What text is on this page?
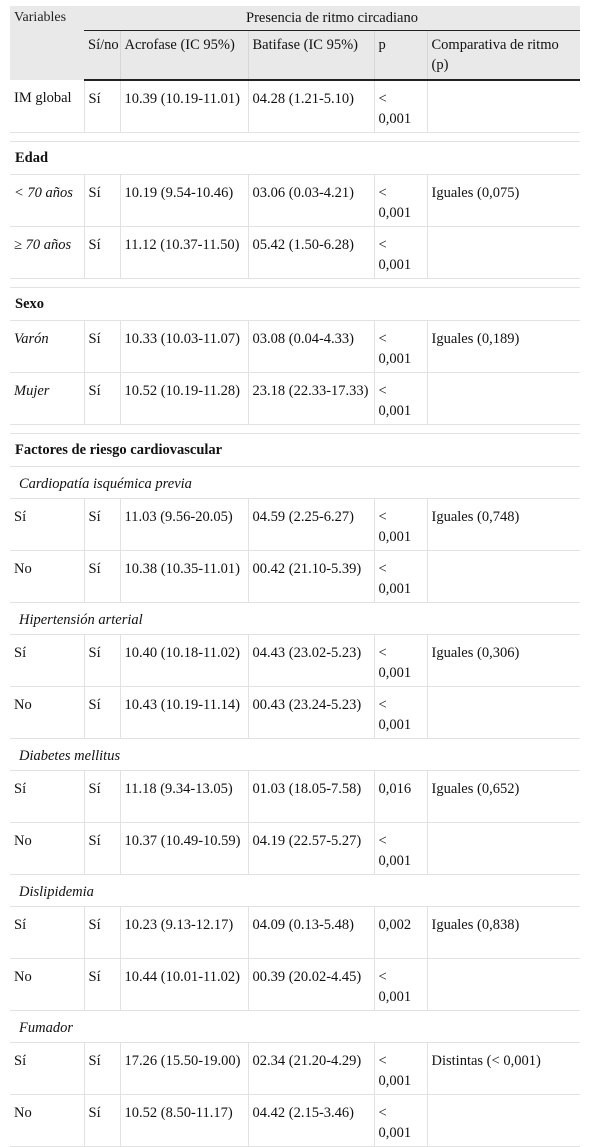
Variables	Presencia de ritmo circadiano				
	Sí/no	Acrofase (IC 95%)	Batifase (IC 95%)	p	Comparativa de ritmo (p)
IM global	Sí	10.39 (10.19-11.01)	04.28 (1.21-5.10)	< 0,001	

Edad					
< 70 años	Sí	10.19 (9.54-10.46)	03.06 (0.03-4.21)	< 0,001	Iguales (0,075)
≥ 70 años	Sí	11.12 (10.37-11.50)	05.42 (1.50-6.28)	< 0,001	

Sexo					
Varón	Sí	10.33 (10.03-11.07)	03.08 (0.04-4.33)	< 0,001	Iguales (0,189)
Mujer	Sí	10.52 (10.19-11.28)	23.18 (22.33-17.33)	< 0,001	

Factores de riesgo cardiovascular					
Cardiopatía isquémica previa					
Sí	Sí	11.03 (9.56-20.05)	04.59 (2.25-6.27)	< 0,001	Iguales (0,748)
No	Sí	10.38 (10.35-11.01)	00.42 (21.10-5.39)	< 0,001	
Hipertensión arterial					
Sí	Sí	10.40 (10.18-11.02)	04.43 (23.02-5.23)	< 0,001	Iguales (0,306)
No	Sí	10.43 (10.19-11.14)	00.43 (23.24-5.23)	< 0,001	
Diabetes mellitus					
Sí	Sí	11.18 (9.34-13.05)	01.03 (18.05-7.58)	0,016	Iguales (0,652)
No	Sí	10.37 (10.49-10.59)	04.19 (22.57-5.27)	< 0,001	
Dislipidemia					
Sí	Sí	10.23 (9.13-12.17)	04.09 (0.13-5.48)	0,002	Iguales (0,838)
No	Sí	10.44 (10.01-11.02)	00.39 (20.02-4.45)	< 0,001	
Fumador					
Sí	Sí	17.26 (15.50-19.00)	02.34 (21.20-4.29)	< 0,001	Distintas (< 0,001)
No	Sí	10.52 (8.50-11.17)	04.42 (2.15-3.46)	< 0,001	
